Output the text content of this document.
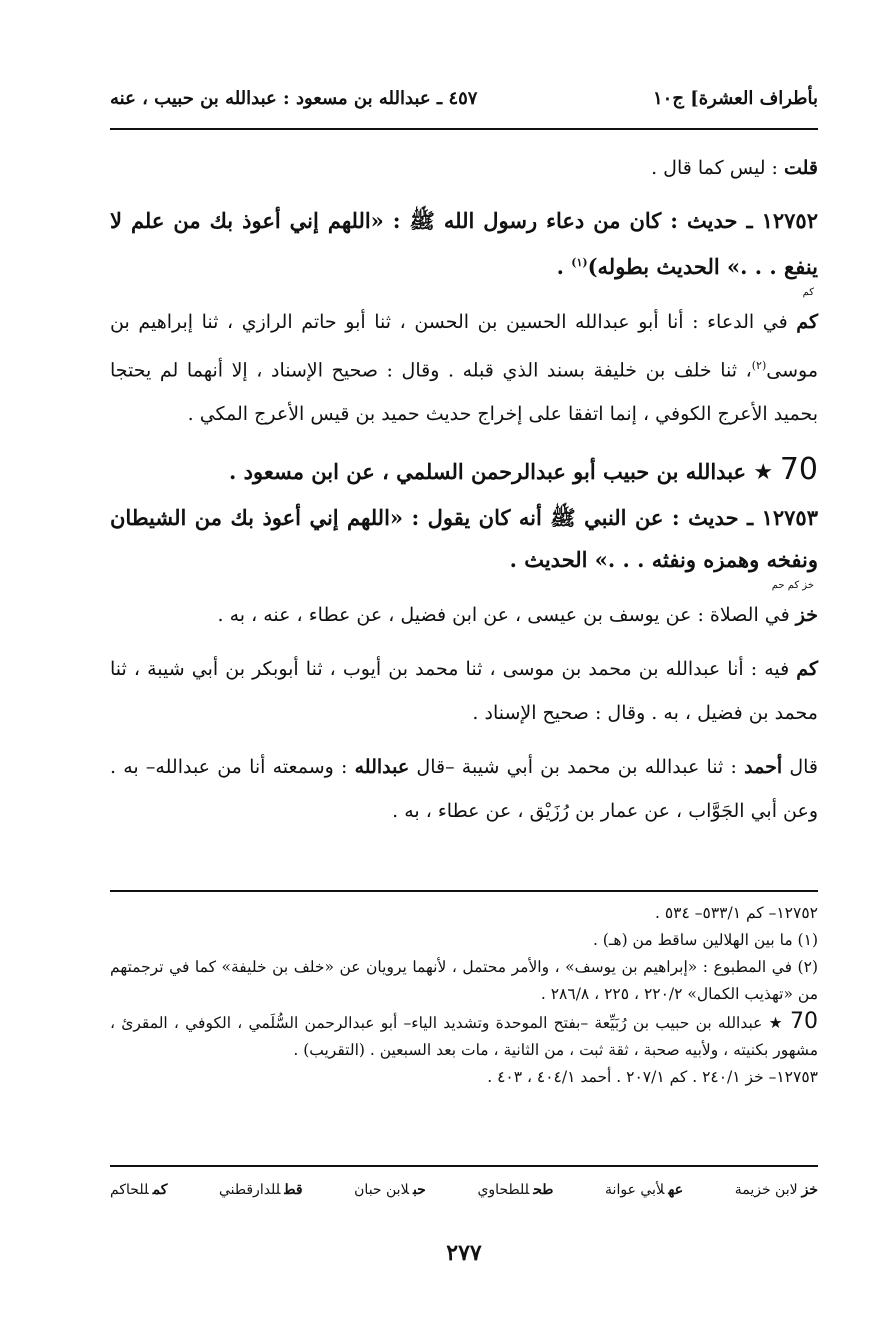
بأطراف العشرة] ج١٠
٤٥٧ ـ عبدالله بن مسعود : عبدالله بن حبيب ، عنه

قلت : ليس كما قال .

١٢٧٥٢ ـ حديث : كان من دعاء رسول الله ﷺ : «اللهم إني أعوذ بك من علم لا ينفع . . .» الحديث بطوله)$^{(١)}$ .

كم

كم في الدعاء : أنا أبو عبدالله الحسين بن الحسن ، ثنا أبو حاتم الرازي ، ثنا إبراهيم بن موسى$^{(٢)}$، ثنا خلف بن خليفة بسند الذي قبله . وقال : صحيح الإسناد ، إلا أنهما لم يحتجا بحميد الأعرج الكوفي ، إنما اتفقا على إخراج حديث حميد بن قيس الأعرج المكي .

70 ★ عبدالله بن حبيب أبو عبدالرحمن السلمي ، عن ابن مسعود .

١٢٧٥٣ ـ حديث : عن النبي ﷺ أنه كان يقول : «اللهم إني أعوذ بك من الشيطان ونفخه وهمزه ونفثه . . .» الحديث .

خز كم حم

خز في الصلاة : عن يوسف بن عيسى ، عن ابن فضيل ، عن عطاء ، عنه ، به .

كم فيه : أنا عبدالله بن محمد بن موسى ، ثنا محمد بن أيوب ، ثنا أبوبكر بن أبي شيبة ، ثنا محمد بن فضيل ، به . وقال : صحيح الإسناد .

قال أحمد : ثنا عبدالله بن محمد بن أبي شيبة –قال عبدالله : وسمعته أنا من عبدالله– به . وعن أبي الجَوَّاب ، عن عمار بن رُزَيْق ، عن عطاء ، به .

١٢٧٥٢– كم ٥٣٣/١– ٥٣٤ .

(١) ما بين الهلالين ساقط من (هـ) .

(٢) في المطبوع : «إبراهيم بن يوسف» ، والأمر محتمل ، لأنهما يرويان عن «خلف بن خليفة» كما في ترجمتهم من «تهذيب الكمال» ٢٢٠/٢ ، ٢٢٥ ، ٢٨٦/٨ .

70 ★ عبدالله بن حبيب بن رُبَيِّعة –بفتح الموحدة وتشديد الياء– أبو عبدالرحمن السُّلَمي ، الكوفي ، المقرئ ، مشهور بكنيته ، ولأبيه صحبة ، ثقة ثبت ، من الثانية ، مات بعد السبعين . (التقريب) .

١٢٧٥٣– خز ٢٤٠/١ . كم ٢٠٧/١ . أحمد ٤٠٤/١ ، ٤٠٣ .

خزلابن خزيمة
عهلأبي عوانة
طحللطحاوي
حبلابن حبان
قطللدارقطني
كمللحاكم
٢٧٧
